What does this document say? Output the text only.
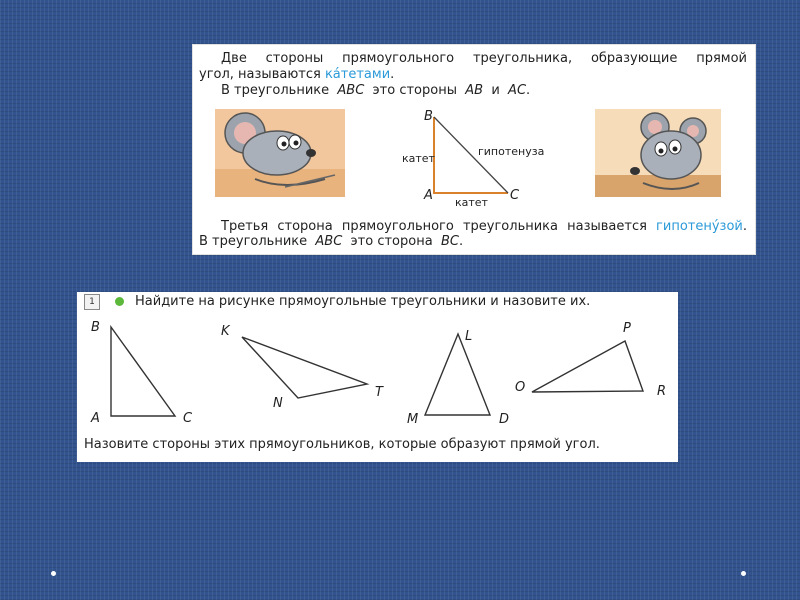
Две стороны прямоугольного треугольника, образующие прямой
угол, называются ка́тетами.
В треугольнике ABC это стороны AB и AC.
B
A	C
катет
катет
гипотенуза
Третья сторона прямоугольного треугольника называется гипотену́зой.
В треугольнике ABC это сторона BC.
1	Найдите на рисунке прямоугольные треугольники и назовите их.
B
A	C
K
N
T
L
M	D
P
O	R
Назовите стороны этих прямоугольников, которые образуют прямой угол.
